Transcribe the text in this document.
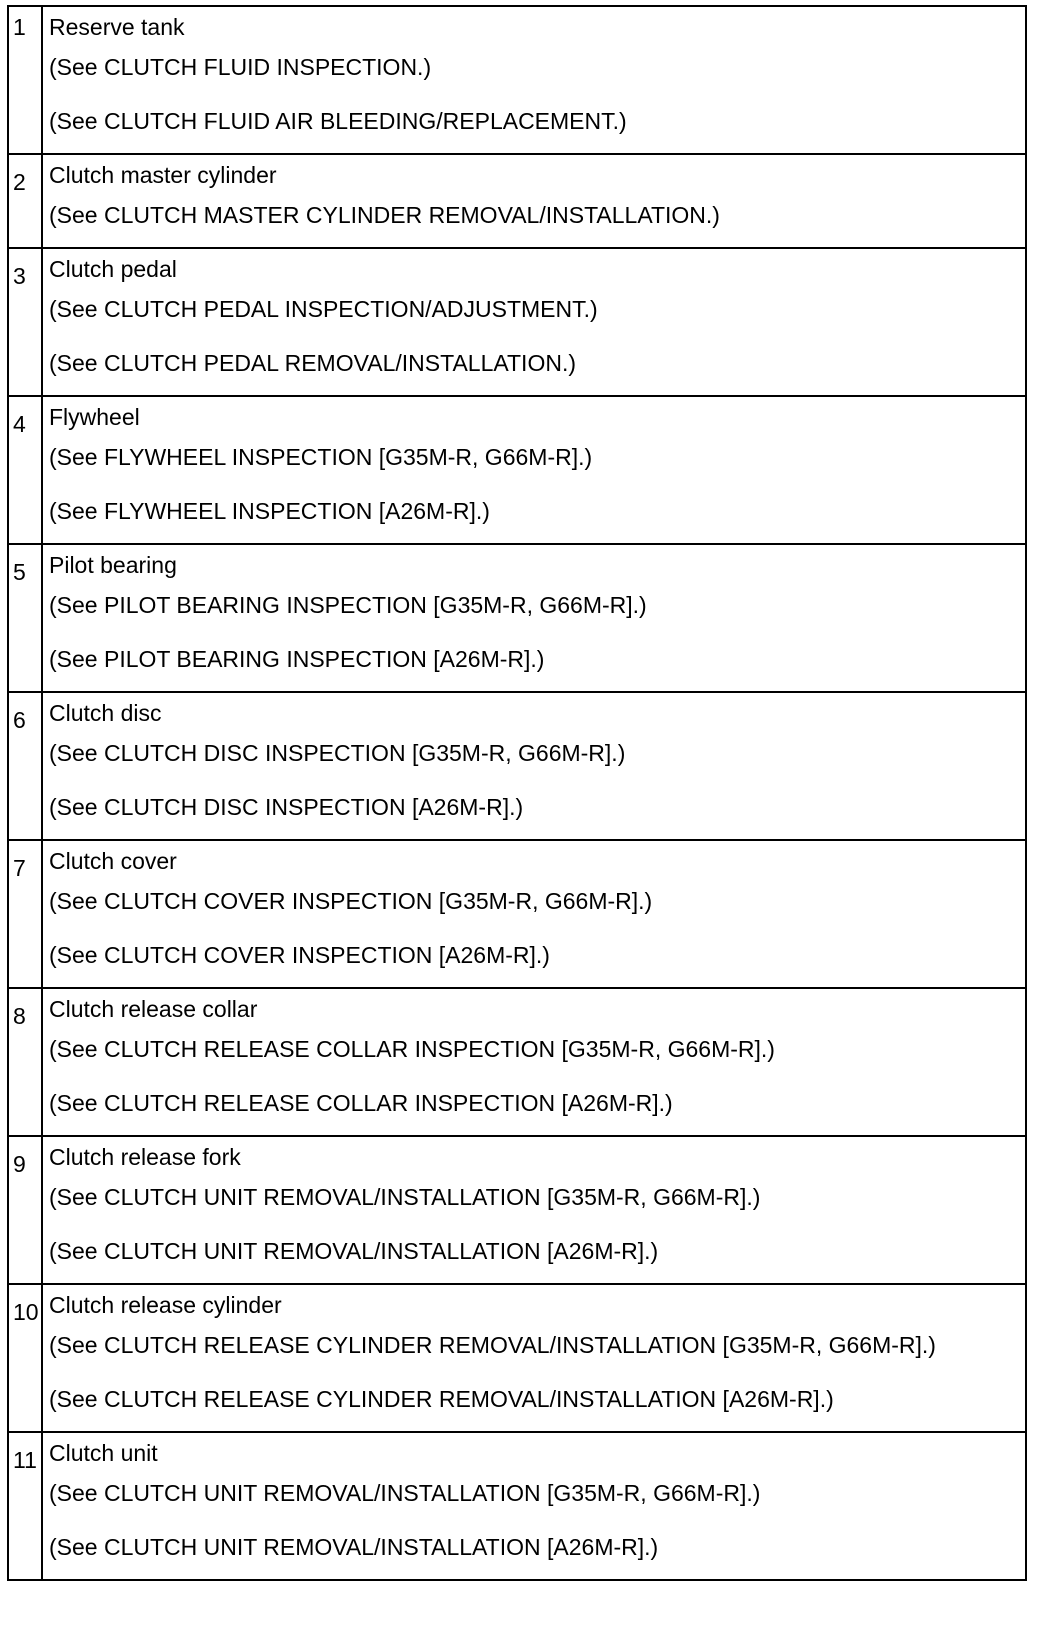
1	Reserve tank
(See CLUTCH FLUID INSPECTION.)
(See CLUTCH FLUID AIR BLEEDING/REPLACEMENT.)

2	Clutch master cylinder
(See CLUTCH MASTER CYLINDER REMOVAL/INSTALLATION.)

3	Clutch pedal
(See CLUTCH PEDAL INSPECTION/ADJUSTMENT.)
(See CLUTCH PEDAL REMOVAL/INSTALLATION.)

4	Flywheel
(See FLYWHEEL INSPECTION [G35M-R, G66M-R].)
(See FLYWHEEL INSPECTION [A26M-R].)

5	Pilot bearing
(See PILOT BEARING INSPECTION [G35M-R, G66M-R].)
(See PILOT BEARING INSPECTION [A26M-R].)

6	Clutch disc
(See CLUTCH DISC INSPECTION [G35M-R, G66M-R].)
(See CLUTCH DISC INSPECTION [A26M-R].)

7	Clutch cover
(See CLUTCH COVER INSPECTION [G35M-R, G66M-R].)
(See CLUTCH COVER INSPECTION [A26M-R].)

8	Clutch release collar
(See CLUTCH RELEASE COLLAR INSPECTION [G35M-R, G66M-R].)
(See CLUTCH RELEASE COLLAR INSPECTION [A26M-R].)

9	Clutch release fork
(See CLUTCH UNIT REMOVAL/INSTALLATION [G35M-R, G66M-R].)
(See CLUTCH UNIT REMOVAL/INSTALLATION [A26M-R].)

10	Clutch release cylinder
(See CLUTCH RELEASE CYLINDER REMOVAL/INSTALLATION [G35M-R, G66M-R].)
(See CLUTCH RELEASE CYLINDER REMOVAL/INSTALLATION [A26M-R].)

11	Clutch unit
(See CLUTCH UNIT REMOVAL/INSTALLATION [G35M-R, G66M-R].)
(See CLUTCH UNIT REMOVAL/INSTALLATION [A26M-R].)
